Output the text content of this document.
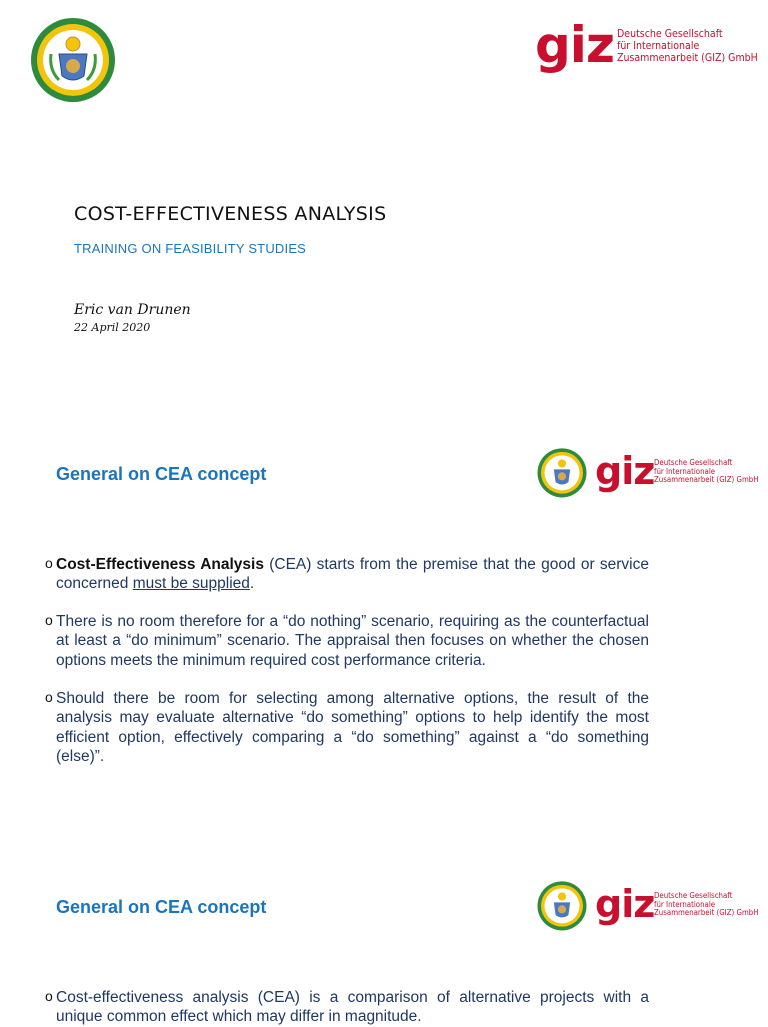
giz Deutsche Gesellschaft
für Internationale
Zusammenarbeit (GIZ) GmbH
COST-EFFECTIVENESS ANALYSIS
TRAINING ON FEASIBILITY STUDIES
Eric van Drunen
22 April 2020
General on CEA concept	giz Deutsche Gesellschaft
für Internationale
Zusammenarbeit (GIZ) GmbH
o Cost-Effectiveness Analysis (CEA) starts from the premise that the good or service concerned must be supplied.
o There is no room therefore for a “do nothing” scenario, requiring as the counterfactual at least a “do minimum” scenario. The appraisal then focuses on whether the chosen options meets the minimum required cost performance criteria.
o Should there be room for selecting among alternative options, the result of the analysis may evaluate alternative “do something” options to help identify the most efficient option, effectively comparing a “do something” against a “do something (else)”.
General on CEA concept	giz Deutsche Gesellschaft
für Internationale
Zusammenarbeit (GIZ) GmbH
o Cost-effectiveness analysis (CEA) is a comparison of alternative projects with a unique common effect which may differ in magnitude.
